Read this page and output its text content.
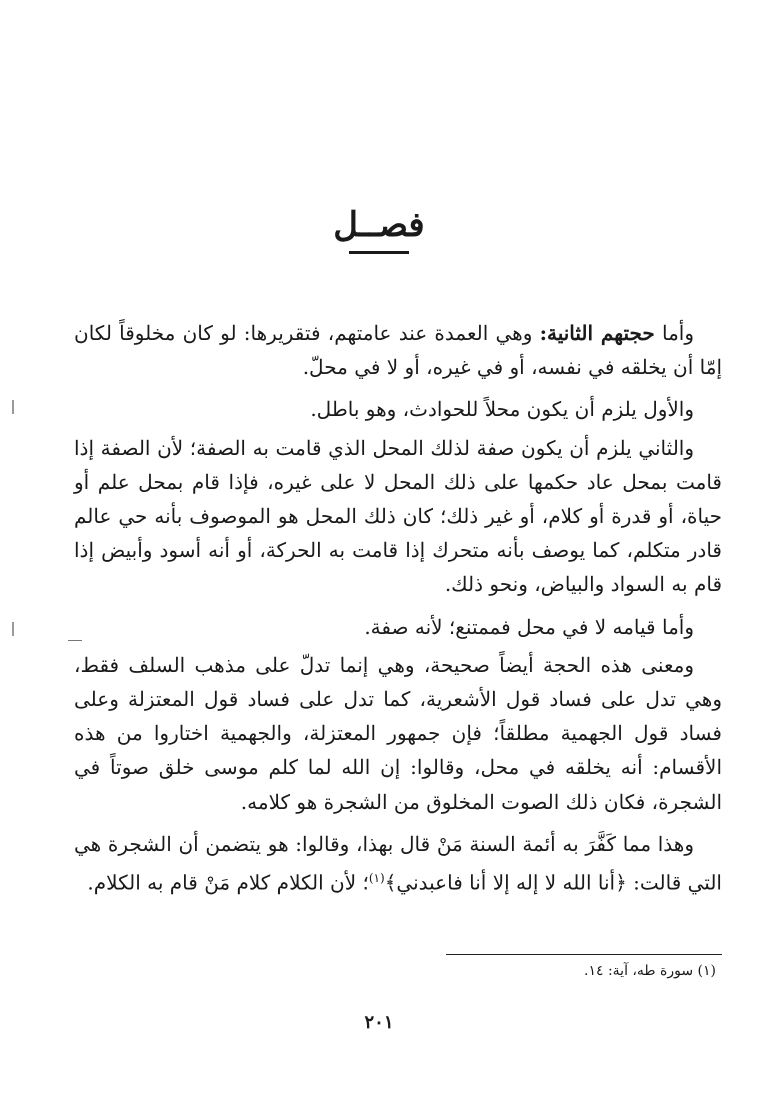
فصــل

وأما حجتهم الثانية: وهي العمدة عند عامتهم، فتقريرها: لو كان مخلوقاً لكان إمّا أن يخلقه في نفسه، أو في غيره، أو لا في محلّ.

والأول يلزم أن يكون محلاً للحوادث، وهو باطل.

والثاني يلزم أن يكون صفة لذلك المحل الذي قامت به الصفة؛ لأن الصفة إذا قامت بمحل عاد حكمها على ذلك المحل لا على غيره، فإذا قام بمحل علم أو حياة، أو قدرة أو كلام، أو غير ذلك؛ كان ذلك المحل هو الموصوف بأنه حي عالم قادر متكلم، كما يوصف بأنه متحرك إذا قامت به الحركة، أو أنه أسود وأبيض إذا قام به السواد والبياض، ونحو ذلك.

وأما قيامه لا في محل فممتنع؛ لأنه صفة.

ومعنى هذه الحجة أيضاً صحيحة، وهي إنما تدلّ على مذهب السلف فقط، وهي تدل على فساد قول الأشعرية، كما تدل على فساد قول المعتزلة وعلى فساد قول الجهمية مطلقاً؛ فإن جمهور المعتزلة، والجهمية اختاروا من هذه الأقسام: أنه يخلقه في محل، وقالوا: إن الله لما كلم موسى خلق صوتاً في الشجرة، فكان ذلك الصوت المخلوق من الشجرة هو كلامه.

وهذا مما كَفَّرَ به أئمة السنة مَنْ قال بهذا، وقالوا: هو يتضمن أن الشجرة هي التي قالت: ﴿أنا الله لا إله إلا أنا فاعبدني﴾$^{(١)}$؛ لأن الكلام كلام مَنْ قام به الكلام.

(١) سورة طه، آية: ١٤.
٢٠١
